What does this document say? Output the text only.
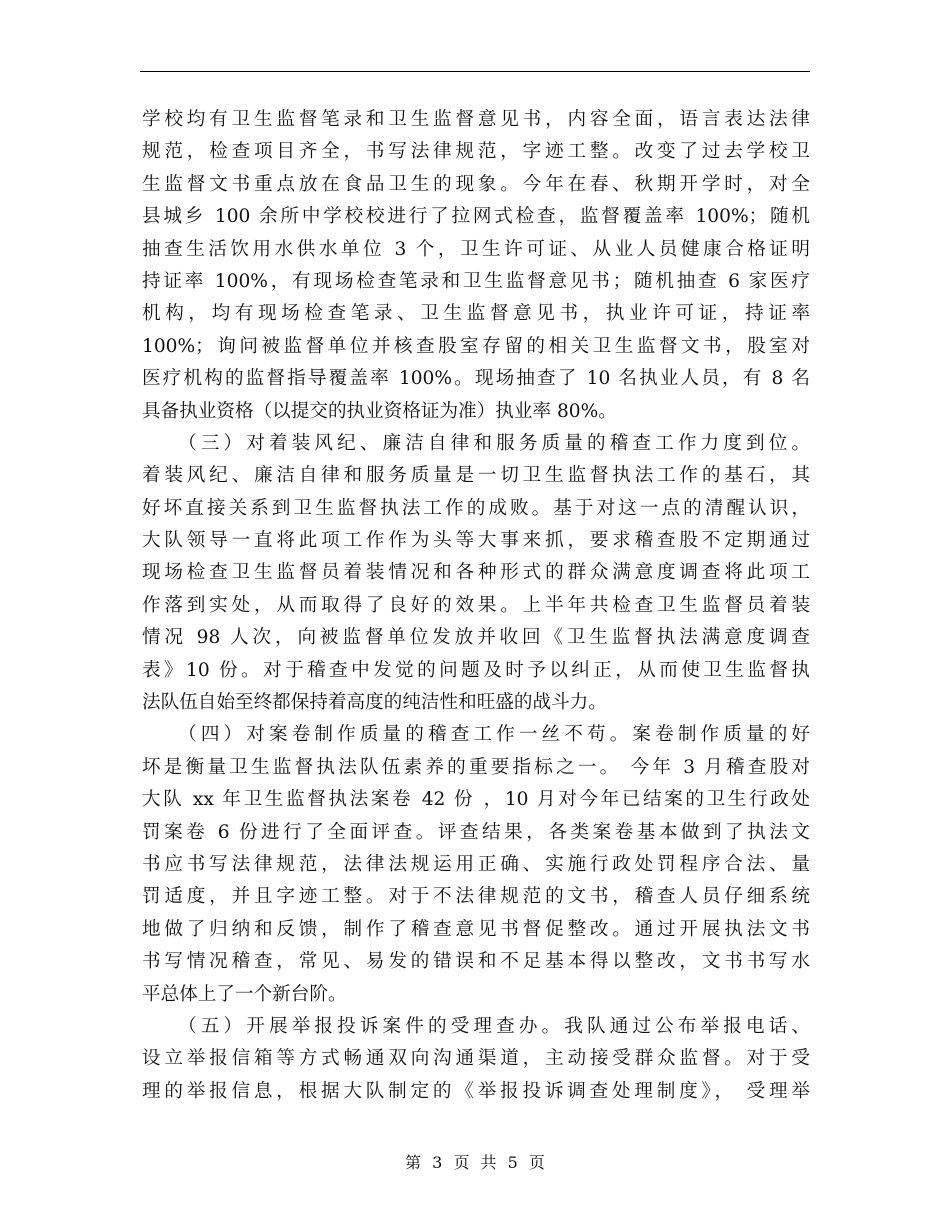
学校均有卫生监督笔录和卫生监督意见书，内容全面，语言表达法律
规范，检查项目齐全，书写法律规范，字迹工整。改变了过去学校卫
生监督文书重点放在食品卫生的现象。今年在春、秋期开学时，对全
县城乡 100 余所中学校校进行了拉网式检查，监督覆盖率 100%；随机
抽查生活饮用水供水单位 3 个，卫生许可证、从业人员健康合格证明
持证率 100%，有现场检查笔录和卫生监督意见书；随机抽查 6 家医疗
机构，均有现场检查笔录、卫生监督意见书，执业许可证，持证率
100%；询问被监督单位并核查股室存留的相关卫生监督文书，股室对
医疗机构的监督指导覆盖率 100%。现场抽查了 10 名执业人员，有 8 名
具备执业资格（以提交的执业资格证为准）执业率 80%。
　　（三）对着装风纪、廉洁自律和服务质量的稽查工作力度到位。
着装风纪、廉洁自律和服务质量是一切卫生监督执法工作的基石，其
好坏直接关系到卫生监督执法工作的成败。基于对这一点的清醒认识，
大队领导一直将此项工作作为头等大事来抓，要求稽查股不定期通过
现场检查卫生监督员着装情况和各种形式的群众满意度调查将此项工
作落到实处，从而取得了良好的效果。上半年共检查卫生监督员着装
情况 98 人次，向被监督单位发放并收回《卫生监督执法满意度调查
表》10 份。对于稽查中发觉的问题及时予以纠正，从而使卫生监督执
法队伍自始至终都保持着高度的纯洁性和旺盛的战斗力。
　　（四）对案卷制作质量的稽查工作一丝不苟。案卷制作质量的好
坏是衡量卫生监督执法队伍素养的重要指标之一。 今年 3 月稽查股对
大队 xx 年卫生监督执法案卷 42 份 ，10 月对今年已结案的卫生行政处
罚案卷 6 份进行了全面评查。评查结果，各类案卷基本做到了执法文
书应书写法律规范，法律法规运用正确、实施行政处罚程序合法、量
罚适度，并且字迹工整。对于不法律规范的文书，稽查人员仔细系统
地做了归纳和反馈，制作了稽查意见书督促整改。通过开展执法文书
书写情况稽查，常见、易发的错误和不足基本得以整改，文书书写水
平总体上了一个新台阶。
　　（五）开展举报投诉案件的受理查办。我队通过公布举报电话、
设立举报信箱等方式畅通双向沟通渠道，主动接受群众监督。对于受
理的举报信息，根据大队制定的《举报投诉调查处理制度》， 受理举
第 3 页 共 5 页
